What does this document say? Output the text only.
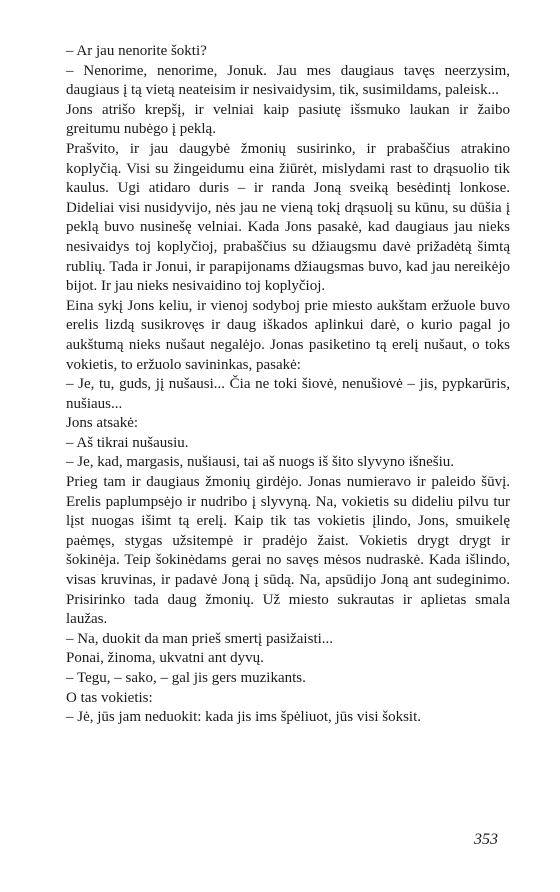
– Ar jau nenorite šokti?

– Nenorime, nenorime, Jonuk. Jau mes daugiaus tavęs neerzysim, daugiaus į tą vietą neateisim ir nesivaidysim, tik, susimildams, paleisk...

Jons atrišo krepšį, ir velniai kaip pasiutę išsmuko laukan ir žaibo greitumu nubėgo į peklą.

Prašvito, ir jau daugybė žmonių susirinko, ir prabaščius atrakino koplyčią. Visi su žingeidumu eina žiūrėt, mislydami rast to drąsuolio tik kaulus. Ugi atidaro duris – ir randa Joną sveiką besėdintį lonkose. Dideliai visi nusidyvijo, nės jau ne vieną tokį drąsuolį su kūnu, su dūšia į peklą buvo nusinešę velniai. Kada Jons pasakė, kad daugiaus jau nieks nesivaidys toj koplyčioj, prabaščius su džiaugsmu davė prižadėtą šimtą rublių. Tada ir Jonui, ir parapijonams džiaugsmas buvo, kad jau nereikėjo bijot. Ir jau nieks nesivaidino toj koplyčioj.

Eina sykį Jons keliu, ir vienoj sodyboj prie miesto aukštam eržuole buvo erelis lizdą susikrovęs ir daug iškados aplinkui darė, o kurio pagal jo aukštumą nieks nušaut negalėjo. Jonas pasiketino tą erelį nušaut, o toks vokietis, to eržuolo savininkas, pasakė:

– Je, tu, guds, jį nušausi... Čia ne toki šiovė, nenušiovė – jis, pypkarūris, nušiaus...

Jons atsakė:

– Aš tikrai nušausiu.

– Je, kad, margasis, nušiausi, tai aš nuogs iš šito slyvyno išnešiu.

Prieg tam ir daugiaus žmonių girdėjo. Jonas numieravo ir paleido šūvį. Erelis paplumpsėjo ir nudribo į slyvyną. Na, vokietis su dideliu pilvu tur lįst nuogas išimt tą erelį. Kaip tik tas vokietis įlindo, Jons, smuikelę paėmęs, stygas užsitempė ir pradėjo žaist. Vokietis drygt drygt ir šokinėja. Teip šokinėdams gerai no savęs mėsos nudraskė. Kada išlindo, visas kruvinas, ir padavė Joną į sūdą. Na, apsūdijo Joną ant sudeginimo. Prisirinko tada daug žmonių. Už miesto sukrautas ir aplietas smala laužas.

– Na, duokit da man prieš smertį pasižaisti...

Ponai, žinoma, ukvatni ant dyvų.

– Tegu, – sako, – gal jis gers muzikants.

O tas vokietis:

– Jė, jūs jam neduokit: kada jis ims špėliuot, jūs visi šoksit.

353
